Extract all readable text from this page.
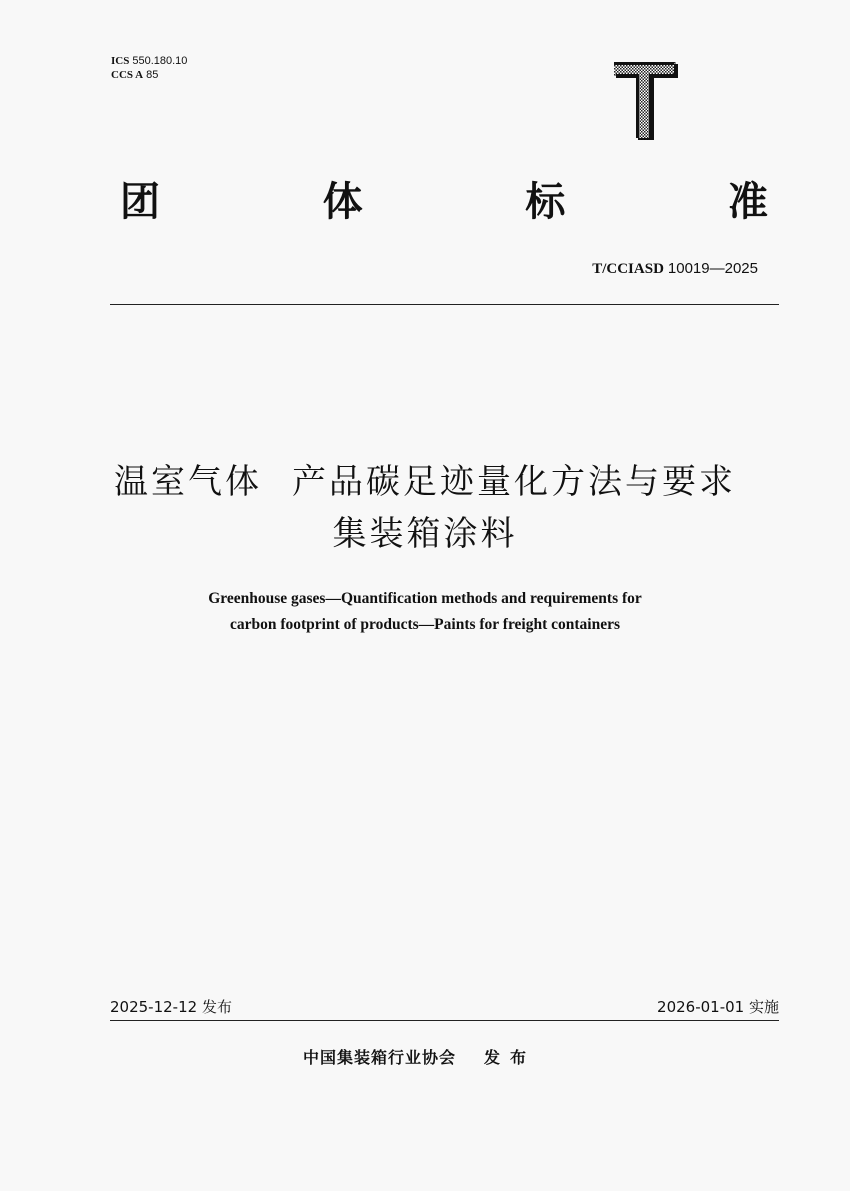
ICS 550.180.10
CCS A 85
团	体	标	准
T/CCIASD 10019—2025
温室气体 产品碳足迹量化方法与要求
集装箱涂料
Greenhouse gases—Quantification methods and requirements for
carbon footprint of products—Paints for freight containers
2025-12-12 发布	2026-01-01 实施
中国集装箱行业协会 发布
